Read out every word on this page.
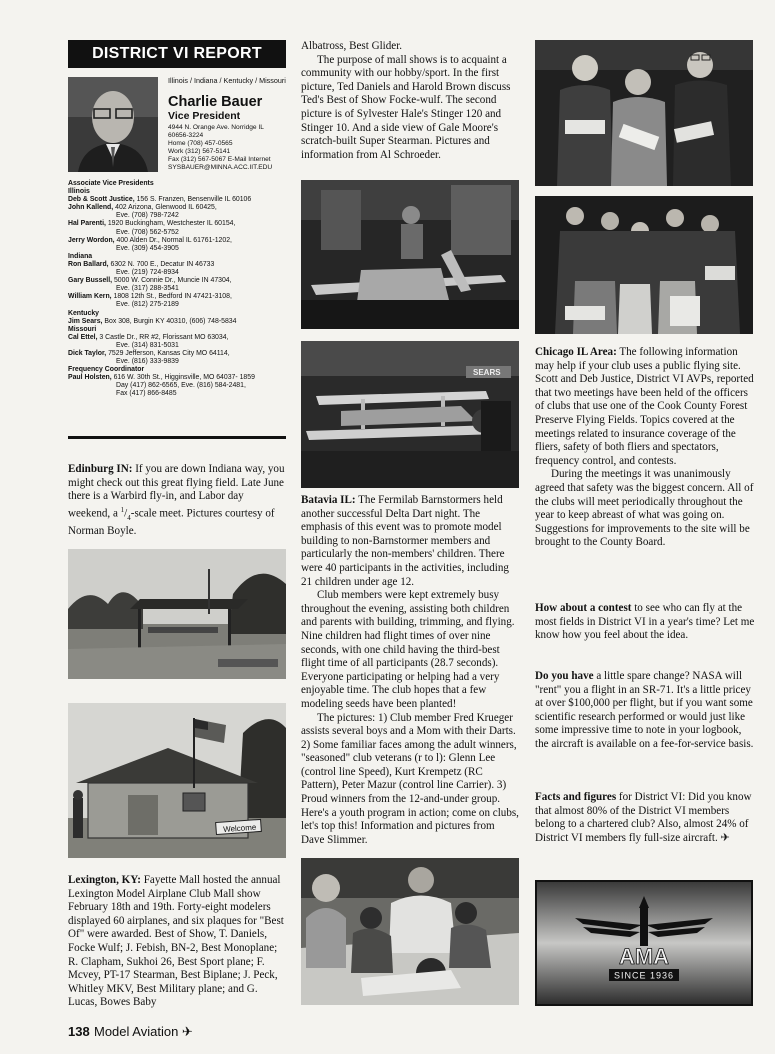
DISTRICT VI REPORT
Illinois / Indiana / Kentucky / Missouri
Charlie Bauer
Vice President
4944 N. Orange Ave. Norridge IL
60656-3224
Home (708) 457-0565
Work (312) 567-5141
Fax (312) 567-5067 E-Mail Internet
SYSBAUER@MINNA.ACC.IIT.EDU
Associate Vice Presidents
Illinois
Deb & Scott Justice, 156 S. Franzen, Bensenville IL 60106
John Kallend, 402 Arizona, Glenwood IL 60425,
Eve. (708) 798-7242
Hal Parenti, 1920 Buckingham, Westchester IL 60154,
Eve. (708) 562-5752
Jerry Wordon, 400 Alden Dr., Normal IL 61761-1202,
Eve. (309) 454-3905
Indiana
Ron Ballard, 6302 N. 700 E., Decatur IN 46733
Eve. (219) 724-8934
Gary Bussell, 5000 W. Connie Dr., Muncie IN 47304,
Eve. (317) 288-3541
William Kern, 1808 12th St., Bedford IN 47421-3108,
Eve. (812) 275-2189
Kentucky
Jim Sears, Box 308, Burgin KY 40310, (606) 748-5834
Missouri
Cal Ettel, 3 Castle Dr., RR #2, Florissant MO 63034,
Eve. (314) 831-5031
Dick Taylor, 7529 Jefferson, Kansas City MO 64114,
Eve. (816) 333-9839
Frequency Coordinator
Paul Holsten, 616 W. 30th St., Higginsville, MO 64037- 1859
Day (417) 862-6565, Eve. (816) 584-2481,
Fax (417) 866-8485

Edinburg IN: If you are down Indiana way, you might check out this great flying field. Late June there is a Warbird fly-in, and Labor day weekend, a $^1/_4$-scale meet. Pictures courtesy of Norman Boyle.

Welcome

Lexington, KY: Fayette Mall hosted the annual Lexington Model Airplane Club Mall show February 18th and 19th. Forty-eight modelers displayed 60 airplanes, and six plaques for "Best Of" were awarded. Best of Show, T. Daniels, Focke Wulf; J. Febish, BN-2, Best Monoplane; R. Clapham, Sukhoi 26, Best Sport plane; F. Mcvey, PT-17 Stearman, Best Biplane; J. Peck, Whitley MKV, Best Military plane; and G. Lucas, Bowes Baby

Albatross, Best Glider.

The purpose of mall shows is to acquaint a community with our hobby/sport. In the first picture, Ted Daniels and Harold Brown discuss Ted's Best of Show Focke-wulf. The second picture is of Sylvester Hale's Stinger 120 and Stinger 10. And a side view of Gale Moore's scratch-built Super Stearman. Pictures and information from Al Schroeder.

SEARS

Batavia IL: The Fermilab Barnstormers held another successful Delta Dart night. The emphasis of this event was to promote model building to non-Barnstormer members and particularly the non-members' children. There were 40 participants in the activities, including 21 children under age 12.

Club members were kept extremely busy throughout the evening, assisting both children and parents with building, trimming, and flying. Nine children had flight times of over nine seconds, with one child having the third-best flight time of all participants (28.7 seconds). Everyone participating or helping had a very enjoyable time. The club hopes that a few modeling seeds have been planted!

The pictures: 1) Club member Fred Krueger assists several boys and a Mom with their Darts. 2) Some familiar faces among the adult winners, "seasoned" club veterans (r to l): Glenn Lee (control line Speed), Kurt Krempetz (RC Pattern), Peter Mazur (control line Carrier). 3) Proud winners from the 12-and-under group. Here's a youth program in action; come on clubs, let's top this! Information and pictures from Dave Slimmer.

Chicago IL Area: The following information may help if your club uses a public flying site. Scott and Deb Justice, District VI AVPs, reported that two meetings have been held of the officers of clubs that use one of the Cook County Forest Preserve Flying Fields. Topics covered at the meetings related to insurance coverage of the fliers, safety of both fliers and spectators, frequency control, and contests.

During the meetings it was unanimously agreed that safety was the biggest concern. All of the clubs will meet periodically throughout the year to keep abreast of what was going on. Suggestions for improvements to the site will be brought to the County Board.

How about a contest to see who can fly at the most fields in District VI in a year's time? Let me know how you feel about the idea.

Do you have a little spare change? NASA will "rent" you a flight in an SR-71. It's a little pricey at over $100,000 per flight, but if you want some scientific research performed or would just like some impressive time to note in your logbook, the aircraft is available on a fee-for-service basis.

Facts and figures for District VI: Did you know that almost 80% of the District VI members belong to a chartered club? Also, almost 24% of District VI members fly full-size aircraft. ✈

AMA
SINCE 1936
138 Model Aviation ✈
